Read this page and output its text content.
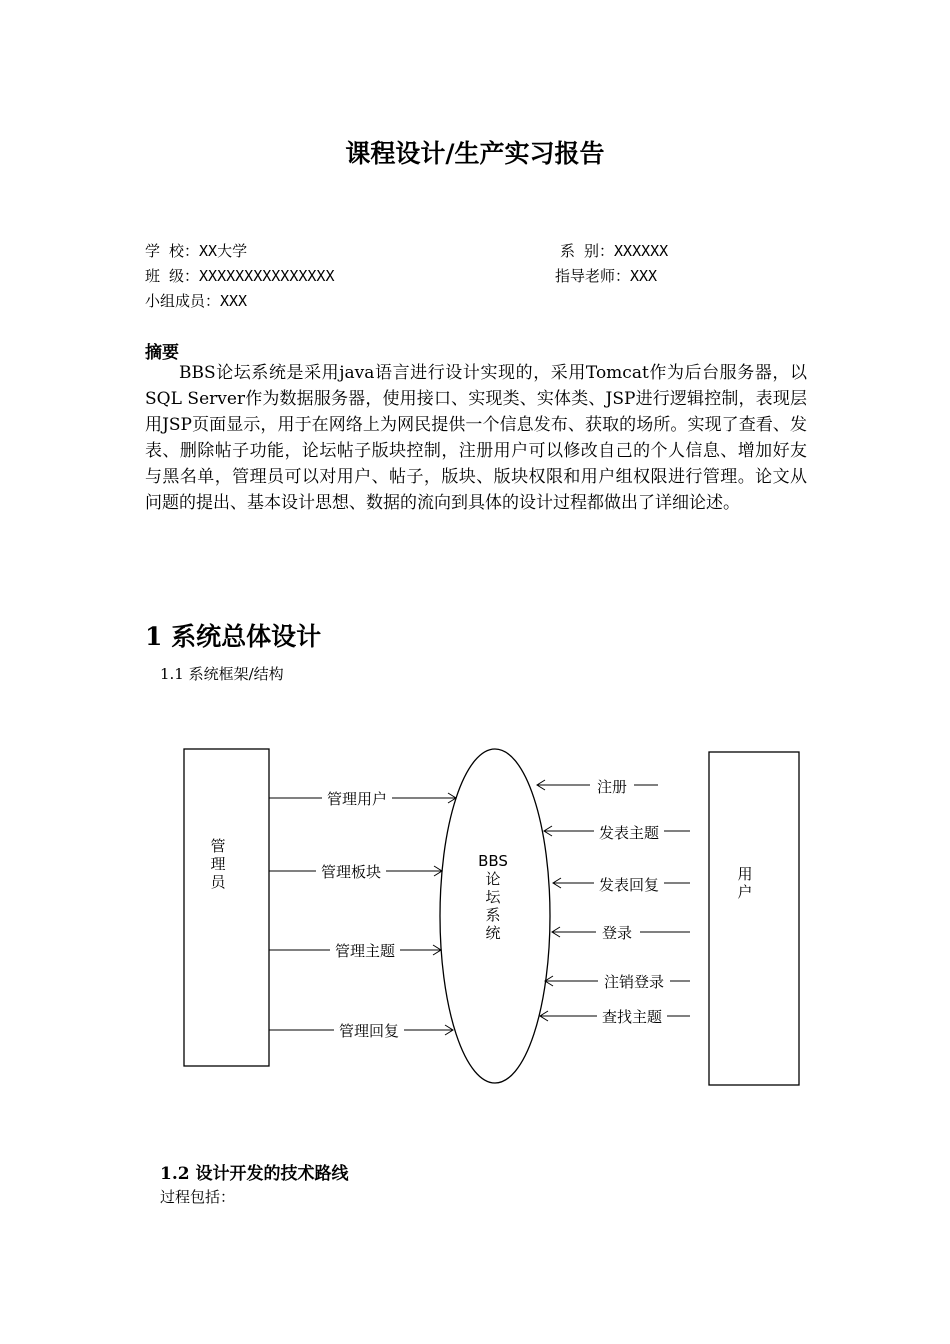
课程设计/生产实习报告
学 校：XX大学	系 别：XXXXXX
班 级：XXXXXXXXXXXXXXX	指导老师：XXX
小组成员：XXX
摘要

BBS论坛系统是采用java语言进行设计实现的，采用Tomcat作为后台服务器，以SQL Server作为数据服务器，使用接口、实现类、实体类、JSP进行逻辑控制，表现层用JSP页面显示，用于在网络上为网民提供一个信息发布、获取的场所。实现了查看、发表、删除帖子功能，论坛帖子版块控制，注册用户可以修改自己的个人信息、增加好友与黑名单，管理员可以对用户、帖子，版块、版块权限和用户组权限进行管理。论文从问题的提出、基本设计思想、数据的流向到具体的设计过程都做出了详细论述。

1 系统总体设计
1.1 系统框架/结构
管
理
员
BBS
论
坛
系
统
用
户
管理用户
管理板块
管理主题
管理回复
注册
发表主题
发表回复
登录
注销登录
查找主题
1.2 设计开发的技术路线
过程包括：
